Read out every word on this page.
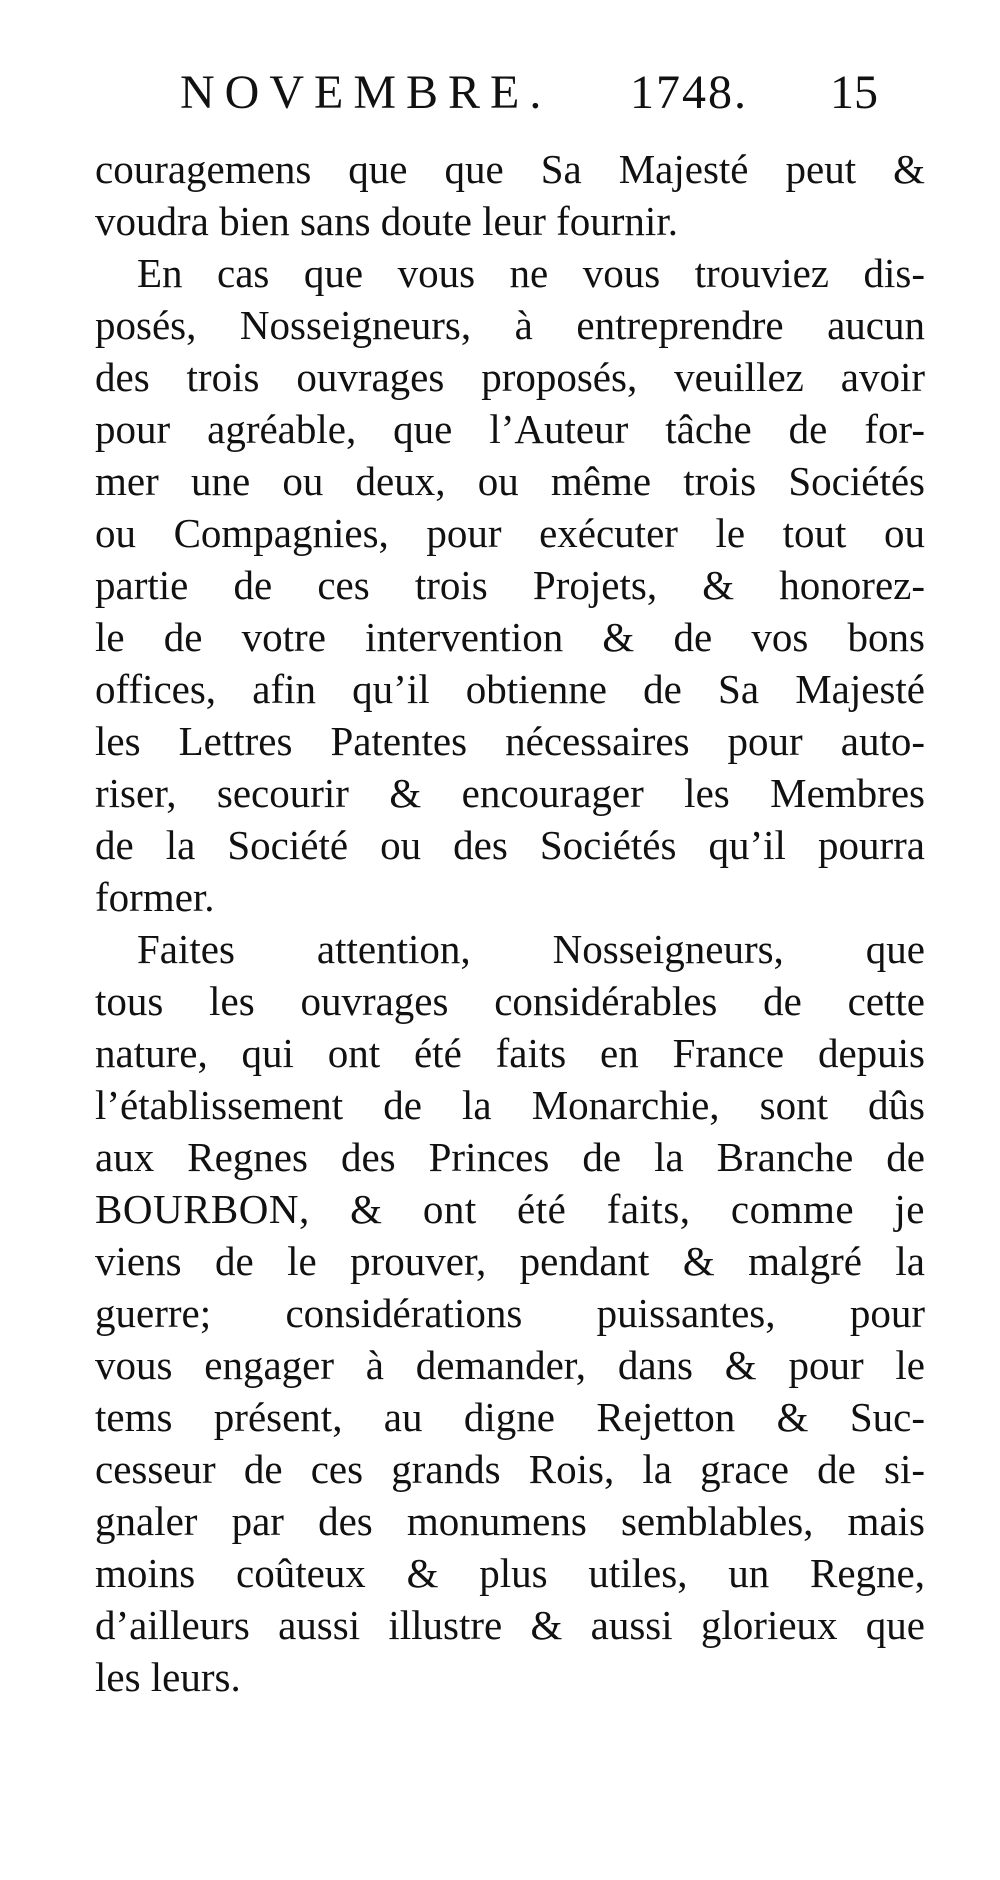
NOVEMBRE. 1748. 15
couragemens que que Sa Majesté peut &
voudra bien sans doute leur fournir.
En cas que vous ne vous trouviez dis-
posés, Nosseigneurs, à entreprendre aucun
des trois ouvrages proposés, veuillez avoir
pour agréable, que l’Auteur tâche de for-
mer une ou deux, ou même trois Sociétés
ou Compagnies, pour exécuter le tout ou
partie de ces trois Projets, & honorez-
le de votre intervention & de vos bons
offices, afin qu’il obtienne de Sa Majesté
les Lettres Patentes nécessaires pour auto-
riser, secourir & encourager les Membres
de la Société ou des Sociétés qu’il pourra
former.
Faites attention, Nosseigneurs, que
tous les ouvrages considérables de cette
nature, qui ont été faits en France depuis
l’établissement de la Monarchie, sont dûs
aux Regnes des Princes de la Branche de
BOURBON, & ont été faits, comme je
viens de le prouver, pendant & malgré la
guerre; considérations puissantes, pour
vous engager à demander, dans & pour le
tems présent, au digne Rejetton & Suc-
cesseur de ces grands Rois, la grace de si-
gnaler par des monumens semblables, mais
moins coûteux & plus utiles, un Regne,
d’ailleurs aussi illustre & aussi glorieux que
les leurs.
